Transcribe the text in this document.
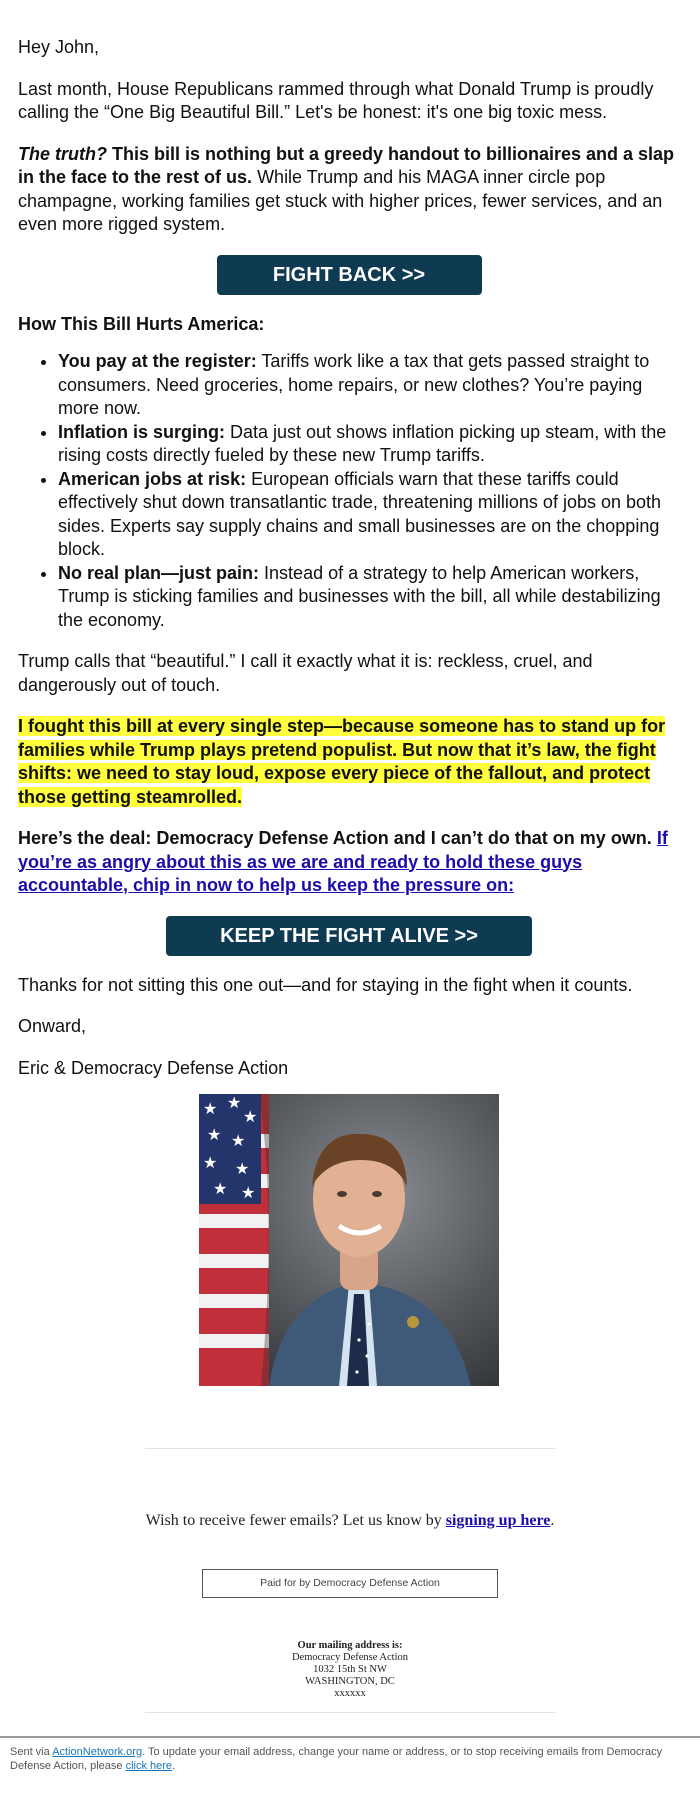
Hey John,

Last month, House Republicans rammed through what Donald Trump is proudly calling the “One Big Beautiful Bill.” Let's be honest: it's one big toxic mess.

The truth? This bill is nothing but a greedy handout to billionaires and a slap in the face to the rest of us. While Trump and his MAGA inner circle pop champagne, working families get stuck with higher prices, fewer services, and an even more rigged system.

FIGHT BACK >>

How This Bill Hurts America:

• You pay at the register: Tariffs work like a tax that gets passed straight to consumers. Need groceries, home repairs, or new clothes? You’re paying more now.
• Inflation is surging: Data just out shows inflation picking up steam, with the rising costs directly fueled by these new Trump tariffs.
• American jobs at risk: European officials warn that these tariffs could effectively shut down transatlantic trade, threatening millions of jobs on both sides. Experts say supply chains and small businesses are on the chopping block.
• No real plan—just pain: Instead of a strategy to help American workers, Trump is sticking families and businesses with the bill, all while destabilizing the economy.

Trump calls that “beautiful.” I call it exactly what it is: reckless, cruel, and dangerously out of touch.

I fought this bill at every single step—because someone has to stand up for families while Trump plays pretend populist. But now that it’s law, the fight shifts: we need to stay loud, expose every piece of the fallout, and protect those getting steamrolled.

Here’s the deal: Democracy Defense Action and I can’t do that on my own. If you’re as angry about this as we are and ready to hold these guys accountable, chip in now to help us keep the pressure on:

KEEP THE FIGHT ALIVE >>

Thanks for not sitting this one out—and for staying in the fight when it counts.

Onward,

Eric & Democracy Defense Action

★ ★
★
★ ★
★ ★
★ ★

Wish to receive fewer emails? Let us know by signing up here.

Paid for by Democracy Defense Action
Our mailing address is:
Democracy Defense Action
1032 15th St NW
WASHINGTON, DC
xxxxxx

Sent via ActionNetwork.org. To update your email address, change your name or address, or to stop receiving emails from Democracy Defense Action, please click here.
